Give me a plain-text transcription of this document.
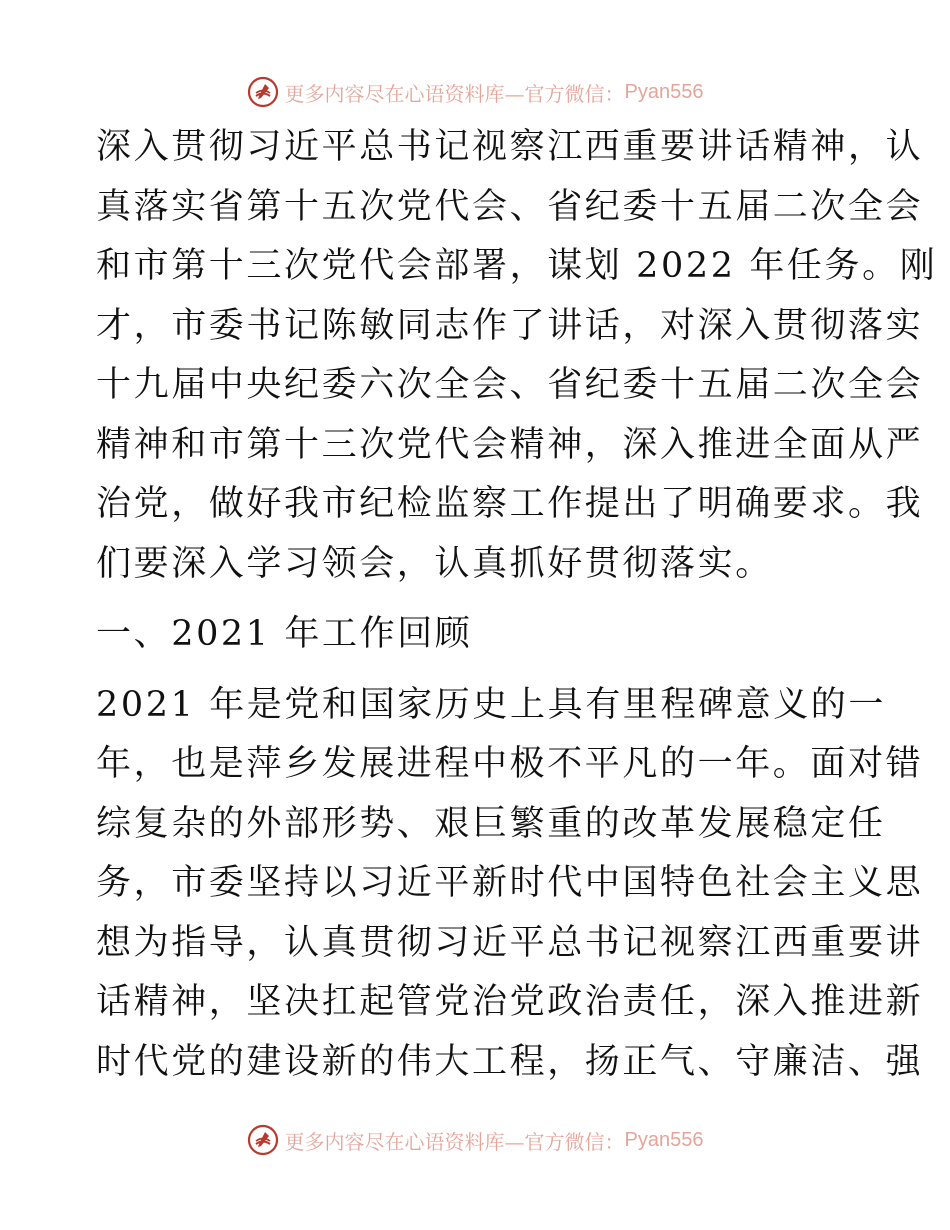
更多内容尽在心语资料库—官方微信： Pyan556
深入贯彻习近平总书记视察江西重要讲话精神，认
真落实省第十五次党代会、省纪委十五届二次全会
和市第十三次党代会部署，谋划 2022 年任务。刚
才，市委书记陈敏同志作了讲话，对深入贯彻落实
十九届中央纪委六次全会、省纪委十五届二次全会
精神和市第十三次党代会精神，深入推进全面从严
治党，做好我市纪检监察工作提出了明确要求。我
们要深入学习领会，认真抓好贯彻落实。
一、2021 年工作回顾
2021 年是党和国家历史上具有里程碑意义的一
年，也是萍乡发展进程中极不平凡的一年。面对错
综复杂的外部形势、艰巨繁重的改革发展稳定任
务，市委坚持以习近平新时代中国特色社会主义思
想为指导，认真贯彻习近平总书记视察江西重要讲
话精神，坚决扛起管党治党政治责任，深入推进新
时代党的建设新的伟大工程，扬正气、守廉洁、强
更多内容尽在心语资料库—官方微信： Pyan556
